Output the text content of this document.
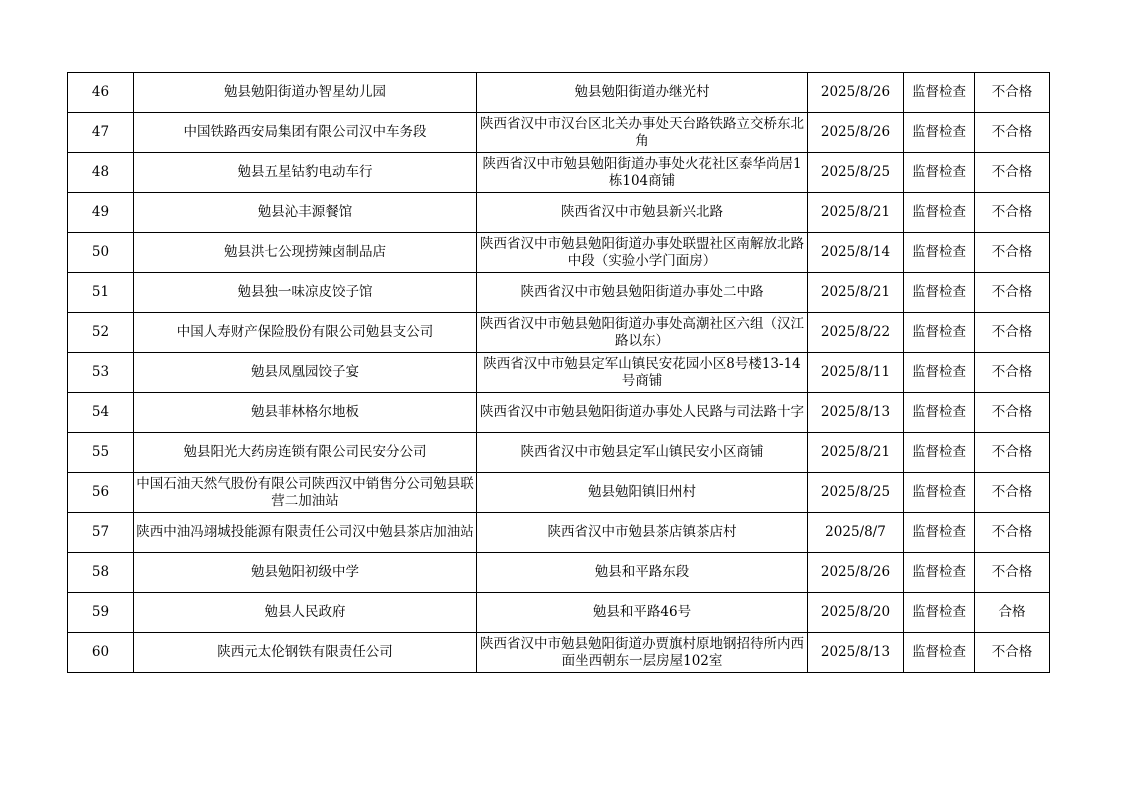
46	勉县勉阳街道办智星幼儿园	勉县勉阳街道办继光村	2025/8/26	监督检查	不合格
47	中国铁路西安局集团有限公司汉中车务段	陕西省汉中市汉台区北关办事处天台路铁路立交桥东北角	2025/8/26	监督检查	不合格
48	勉县五星钴豹电动车行	陕西省汉中市勉县勉阳街道办事处火花社区泰华尚居1栋104商铺	2025/8/25	监督检查	不合格
49	勉县沁丰源餐馆	陕西省汉中市勉县新兴北路	2025/8/21	监督检查	不合格
50	勉县洪七公现捞辣卤制品店	陕西省汉中市勉县勉阳街道办事处联盟社区南解放北路中段（实验小学门面房）	2025/8/14	监督检查	不合格
51	勉县独一味凉皮饺子馆	陕西省汉中市勉县勉阳街道办事处二中路	2025/8/21	监督检查	不合格
52	中国人寿财产保险股份有限公司勉县支公司	陕西省汉中市勉县勉阳街道办事处高潮社区六组（汉江路以东）	2025/8/22	监督检查	不合格
53	勉县凤凰园饺子宴	陕西省汉中市勉县定军山镇民安花园小区8号楼13-14号商铺	2025/8/11	监督检查	不合格
54	勉县菲林格尔地板	陕西省汉中市勉县勉阳街道办事处人民路与司法路十字	2025/8/13	监督检查	不合格
55	勉县阳光大药房连锁有限公司民安分公司	陕西省汉中市勉县定军山镇民安小区商铺	2025/8/21	监督检查	不合格
56	中国石油天然气股份有限公司陕西汉中销售分公司勉县联营二加油站	勉县勉阳镇旧州村	2025/8/25	监督检查	不合格
57	陕西中油冯翊城投能源有限责任公司汉中勉县茶店加油站	陕西省汉中市勉县茶店镇茶店村	2025/8/7	监督检查	不合格
58	勉县勉阳初级中学	勉县和平路东段	2025/8/26	监督检查	不合格
59	勉县人民政府	勉县和平路46号	2025/8/20	监督检查	合格
60	陕西元太伦钢铁有限责任公司	陕西省汉中市勉县勉阳街道办贾旗村原地钢招待所内西面坐西朝东一层房屋102室	2025/8/13	监督检查	不合格
